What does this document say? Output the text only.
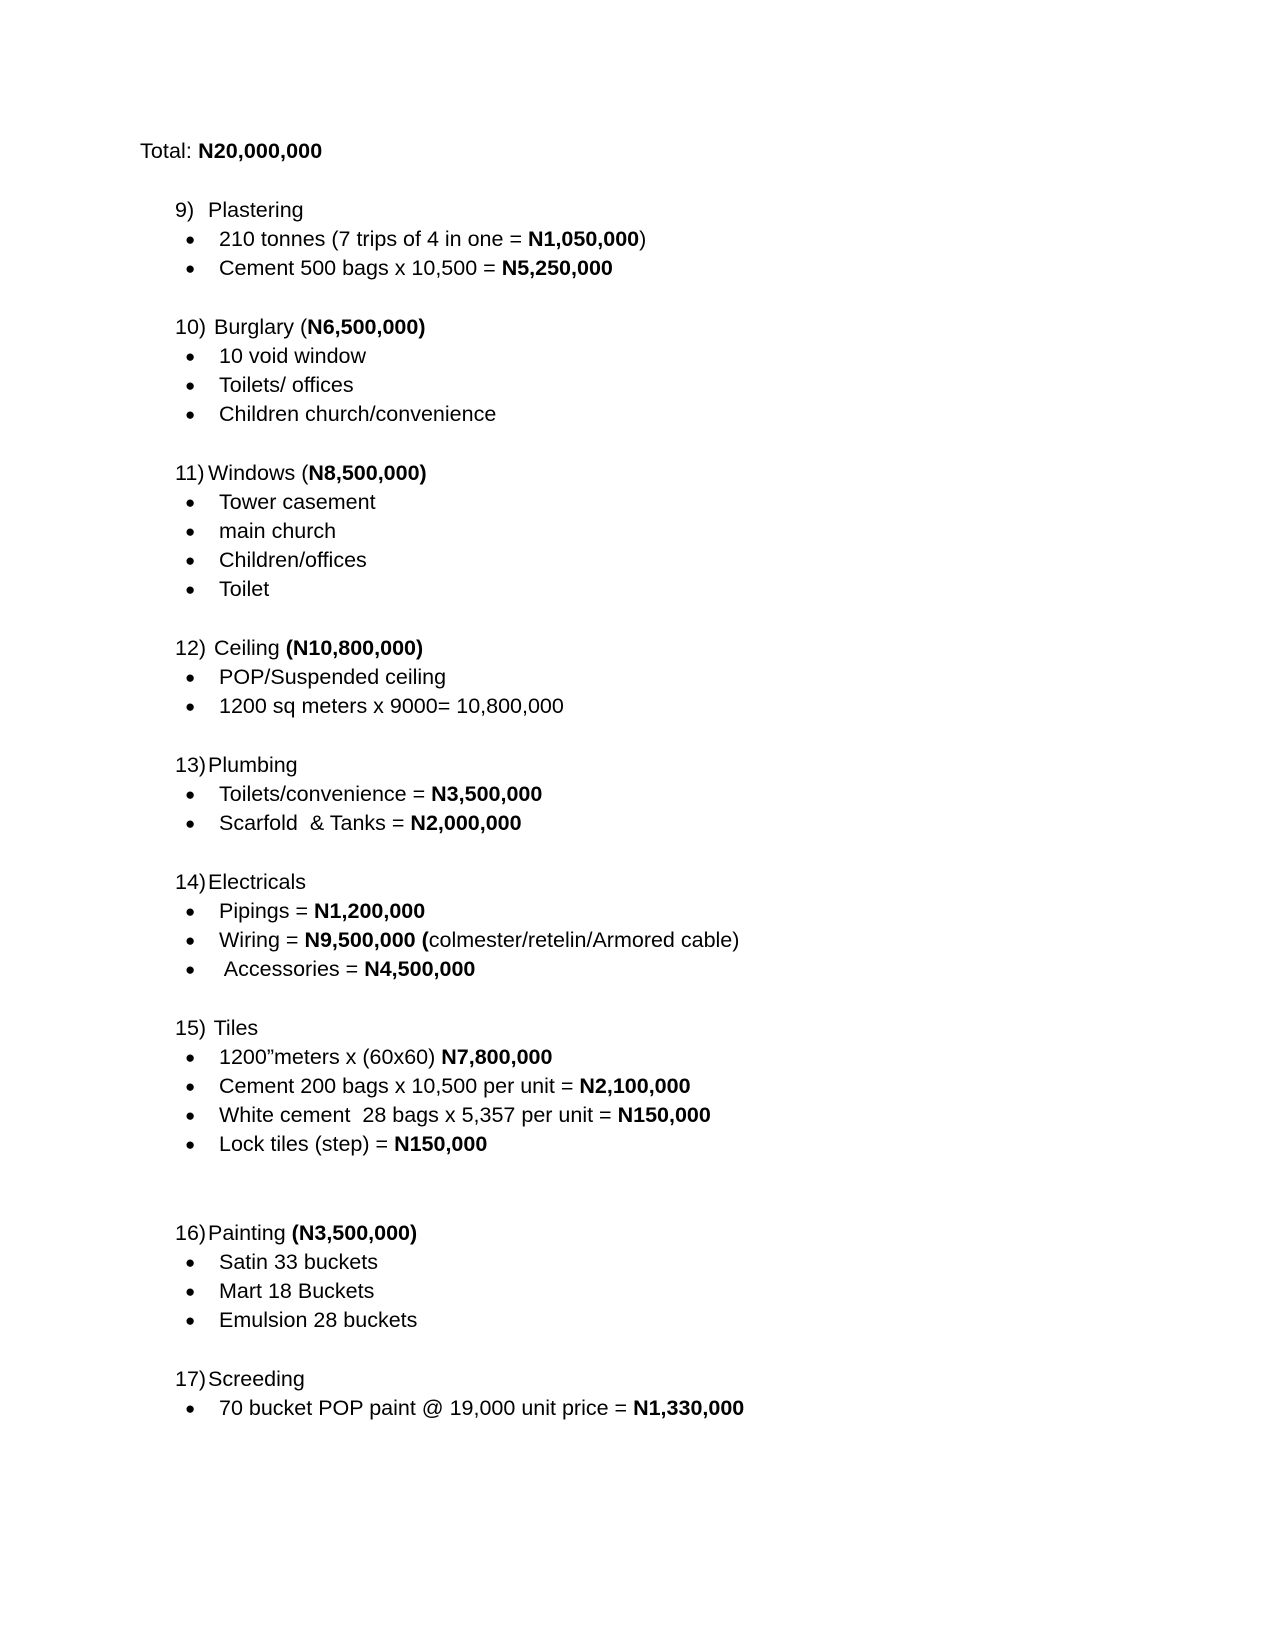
Total: N20,000,000
9) Plastering
● 210 tonnes (7 trips of 4 in one = N1,050,000)
● Cement 500 bags x 10,500 = N5,250,000
10) Burglary (N6,500,000)
● 10 void window
● Toilets/ offices
● Children church/convenience
11) Windows (N8,500,000)
● Tower casement
● main church
● Children/offices
● Toilet
12) Ceiling (N10,800,000)
● POP/Suspended ceiling
● 1200 sq meters x 9000= 10,800,000
13) Plumbing
● Toilets/convenience = N3,500,000
● Scarfold  & Tanks = N2,000,000
14) Electricals
● Pipings = N1,200,000
● Wiring = N9,500,000 (colmester/retelin/Armored cable)
● Accessories = N4,500,000
15) Tiles
● 1200”meters x (60x60) N7,800,000
● Cement 200 bags x 10,500 per unit = N2,100,000
● White cement  28 bags x 5,357 per unit = N150,000
● Lock tiles (step) = N150,000
16) Painting (N3,500,000)
● Satin 33 buckets
● Mart 18 Buckets
● Emulsion 28 buckets
17) Screeding
● 70 bucket POP paint @ 19,000 unit price = N1,330,000
